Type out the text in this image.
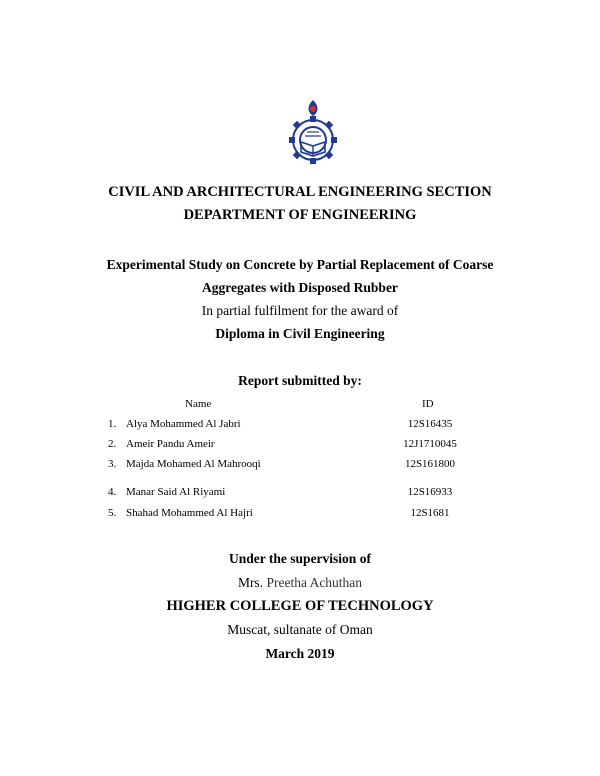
CIVIL AND ARCHITECTURAL ENGINEERING SECTION
DEPARTMENT OF ENGINEERING
Experimental Study on Concrete by Partial Replacement of Coarse
Aggregates with Disposed Rubber
In partial fulfilment for the award of
Diploma in Civil Engineering
Report submitted by:
Name	ID
1. Alya Mohammed Al Jabri	12S16435
2. Ameir Pandu Ameir	12J1710045
3. Majda Mohamed Al Mahrooqi	12S161800
4. Manar Said Al Riyami	12S16933
5. Shahad Mohammed Al Hajri	12S1681
Under the supervision of
Mrs. Preetha Achuthan
HIGHER COLLEGE OF TECHNOLOGY
Muscat, sultanate of Oman
March 2019
